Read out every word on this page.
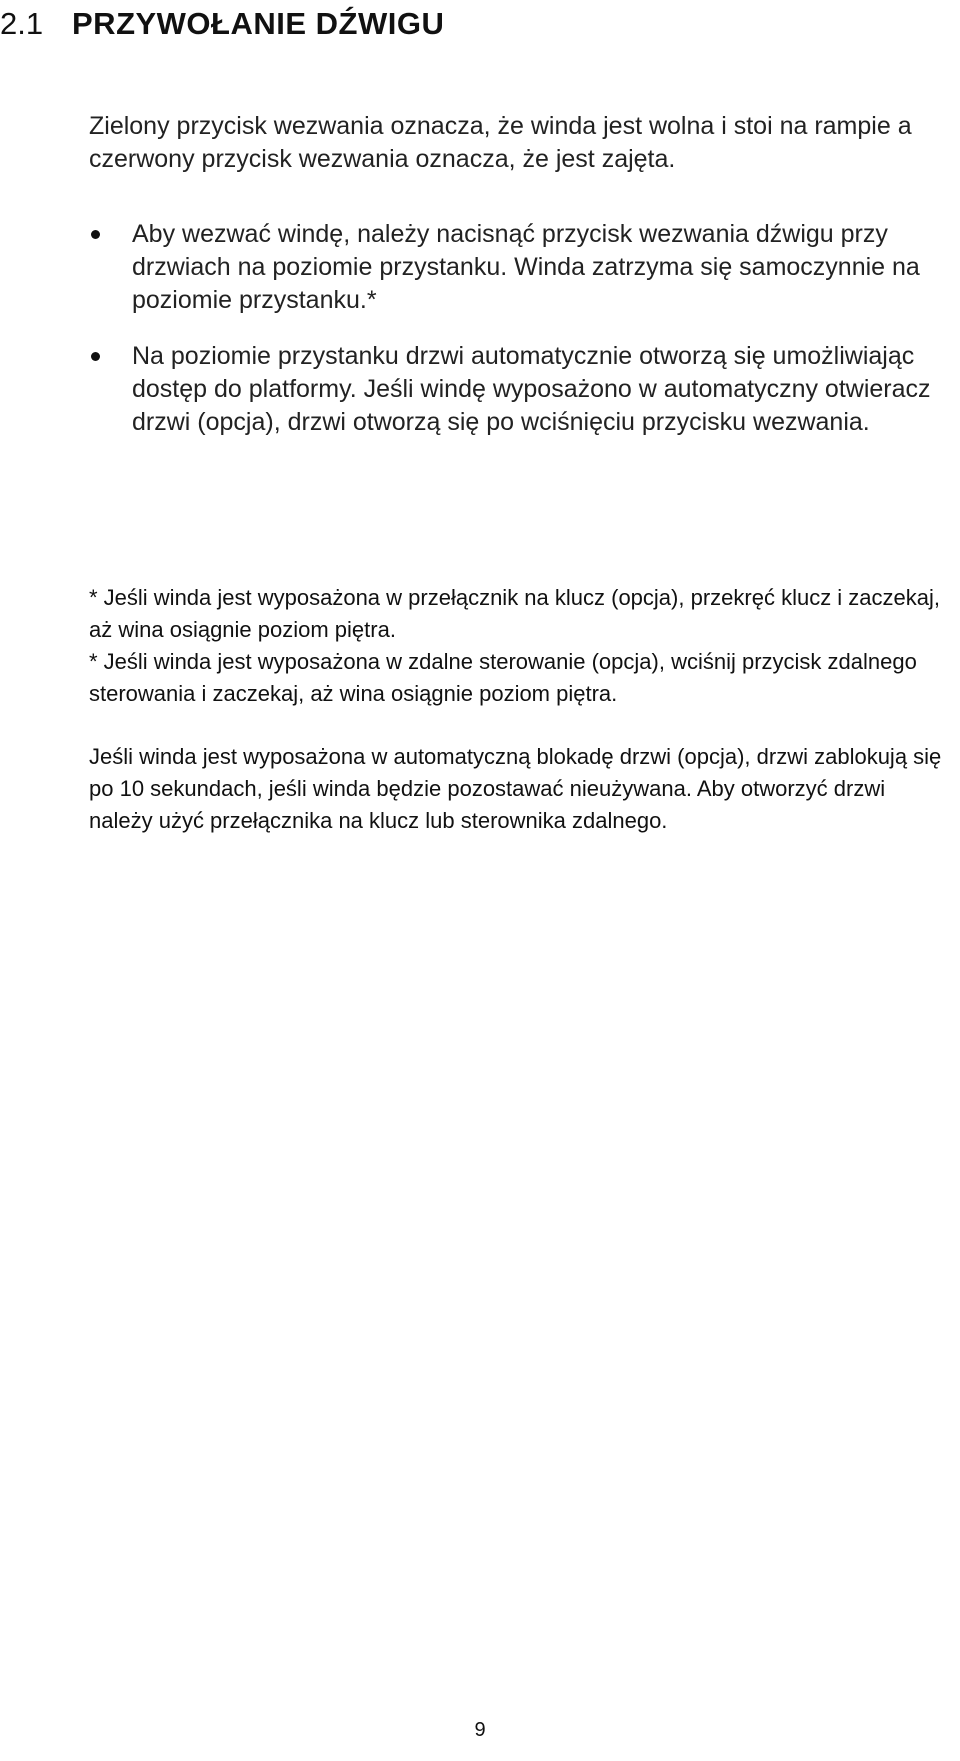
2.1 PRZYWOŁANIE DŹWIGU

Zielony przycisk wezwania oznacza, że winda jest wolna i stoi na rampie a czerwony przycisk wezwania oznacza, że jest zajęta.

Aby wezwać windę, należy nacisnąć przycisk wezwania dźwigu przy drzwiach na poziomie przystanku. Winda zatrzyma się samoczynnie na poziomie przystanku.*
Na poziomie przystanku drzwi automatycznie otworzą się umożliwiając dostęp do platformy. Jeśli windę wyposażono w automatyczny otwieracz drzwi (opcja), drzwi otworzą się po wciśnięciu przycisku wezwania.

* Jeśli winda jest wyposażona w przełącznik na klucz (opcja), przekręć klucz i zaczekaj, aż wina osiągnie poziom piętra.

* Jeśli winda jest wyposażona w zdalne sterowanie (opcja), wciśnij przycisk zdalnego sterowania i zaczekaj, aż wina osiągnie poziom piętra.

Jeśli winda jest wyposażona w automatyczną blokadę drzwi (opcja), drzwi zablokują się po 10 sekundach, jeśli winda będzie pozostawać nieużywana. Aby otworzyć drzwi należy użyć przełącznika na klucz lub sterownika zdalnego.

9
